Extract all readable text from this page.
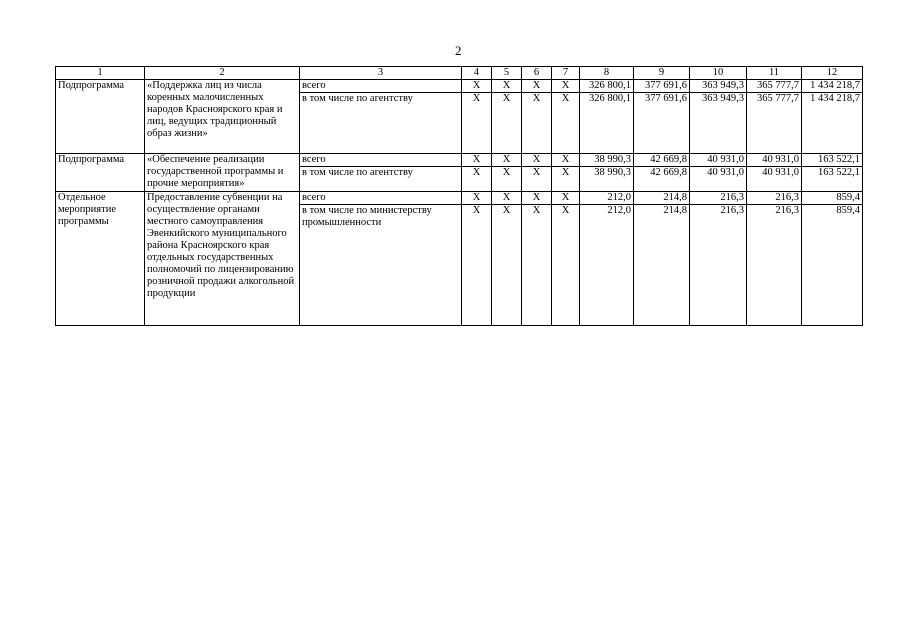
2
1	2	3	4	5	6	7	8	9	10	11	12
Подпрограмма	«Поддержка лиц из числа коренных малочисленных народов Красноярского края и лиц, ведущих традиционный образ жизни»	всего	X	X	X	X	326 800,1	377 691,6	363 949,3	365 777,7	1 434 218,7
		в том числе по агентству	X	X	X	X	326 800,1	377 691,6	363 949,3	365 777,7	1 434 218,7
Подпрограмма	«Обеспечение реализации государственной программы и прочие мероприятия»	всего	X	X	X	X	38 990,3	42 669,8	40 931,0	40 931,0	163 522,1
		в том числе по агентству	X	X	X	X	38 990,3	42 669,8	40 931,0	40 931,0	163 522,1
Отдельное мероприятие программы	Предоставление субвенции на осуществление органами местного самоуправления Эвенкийского муниципального района Красноярского края отдельных государственных полномочий по лицензированию розничной продажи алкогольной продукции	всего	X	X	X	X	212,0	214,8	216,3	216,3	859,4
		в том числе по министерству промышленности	X	X	X	X	212,0	214,8	216,3	216,3	859,4
